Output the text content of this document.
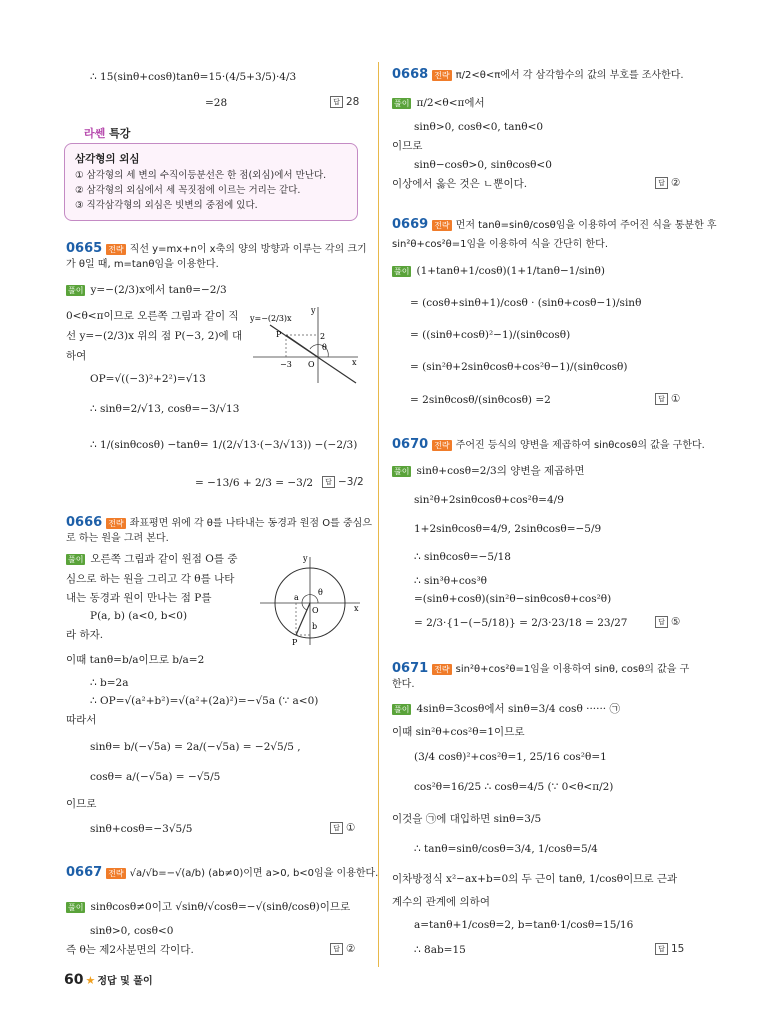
∴ 15(sinθ+cosθ)tanθ=15·(4/5+3/5)·4/3
=28	답 28
삼각형의 외심
① 삼각형의 세 변의 수직이등분선은 한 점(외심)에서 만난다.
② 삼각형의 외심에서 세 꼭짓점에 이르는 거리는 같다.
③ 직각삼각형의 외심은 빗변의 중점에 있다.
라쎈 특강
0665 전략 직선 y=mx+n이 x축의 양의 방향과 이루는 각의 크기
가 θ일 때, m=tanθ임을 이용한다.
풀이 y=−(2/3)x에서 tanθ=−2/3
0<θ<π이므로 오른쪽 그림과 같이 직
선 y=−(2/3)x 위의 점 P(−3, 2)에 대
하여
OP=√((−3)²+2²)=√13
∴ sinθ=2/√13, cosθ=−3/√13
∴ 1/(sinθcosθ) −tanθ= 1/(2/√13·(−3/√13)) −(−2/3)
= −13/6 + 2/3 = −3/2	답 −3/2
y=−(2/3)x
P
O
−3
2
θ
x
y
0666 전략 좌표평면 위에 각 θ를 나타내는 동경과 원점 O를 중심으
로 하는 원을 그려 본다.
풀이 오른쪽 그림과 같이 원점 O를 중
심으로 하는 원을 그리고 각 θ를 나타
내는 동경과 원이 만나는 점 P를
P(a, b) (a<0, b<0)
라 하자.
이때 tanθ=b/a이므로 b/a=2
∴ b=2a
∴ OP=√(a²+b²)=√(a²+(2a)²)=−√5a (∵ a<0)
따라서
sinθ= b/(−√5a) = 2a/(−√5a) = −2√5/5 ,
cosθ= a/(−√5a) = −√5/5
이므로
sinθ+cosθ=−3√5/5	답 ①
a
O
b
P
θ
x
y
0667 전략 √a/√b=−√(a/b) (ab≠0)이면 a>0, b<0임을 이용한다.
풀이 sinθcosθ≠0이고 √sinθ/√cosθ=−√(sinθ/cosθ)이므로
sinθ>0, cosθ<0
즉 θ는 제2사분면의 각이다.	답 ②
0668 전략 π/2<θ<π에서 각 삼각함수의 값의 부호를 조사한다.
풀이 π/2<θ<π에서
sinθ>0, cosθ<0, tanθ<0
이므로
sinθ−cosθ>0, sinθcosθ<0
이상에서 옳은 것은 ㄴ뿐이다.	답 ②
0669 전략 먼저 tanθ=sinθ/cosθ임을 이용하여 주어진 식을 통분한 후
sin²θ+cos²θ=1임을 이용하여 식을 간단히 한다.
풀이 (1+tanθ+1/cosθ)(1+1/tanθ−1/sinθ)
= (cosθ+sinθ+1)/cosθ · (sinθ+cosθ−1)/sinθ
= ((sinθ+cosθ)²−1)/(sinθcosθ)
= (sin²θ+2sinθcosθ+cos²θ−1)/(sinθcosθ)
= 2sinθcosθ/(sinθcosθ) =2	답 ①
0670 전략 주어진 등식의 양변을 제곱하여 sinθcosθ의 값을 구한다.
풀이 sinθ+cosθ=2/3의 양변을 제곱하면
sin²θ+2sinθcosθ+cos²θ=4/9
1+2sinθcosθ=4/9, 2sinθcosθ=−5/9
∴ sinθcosθ=−5/18
∴ sin³θ+cos³θ
=(sinθ+cosθ)(sin²θ−sinθcosθ+cos²θ)
= 2/3·{1−(−5/18)} = 2/3·23/18 = 23/27	답 ⑤
0671 전략 sin²θ+cos²θ=1임을 이용하여 sinθ, cosθ의 값을 구
한다.
풀이 4sinθ=3cosθ에서 sinθ=3/4 cosθ ······ ㉠
이때 sin²θ+cos²θ=1이므로
(3/4 cosθ)²+cos²θ=1, 25/16 cos²θ=1
cos²θ=16/25 ∴ cosθ=4/5 (∵ 0<θ<π/2)
이것을 ㉠에 대입하면 sinθ=3/5
∴ tanθ=sinθ/cosθ=3/4, 1/cosθ=5/4
이차방정식 x²−ax+b=0의 두 근이 tanθ, 1/cosθ이므로 근과
계수의 관계에 의하여
a=tanθ+1/cosθ=2, b=tanθ·1/cosθ=15/16
∴ 8ab=15	답 15
60 ★ 정답 및 풀이
